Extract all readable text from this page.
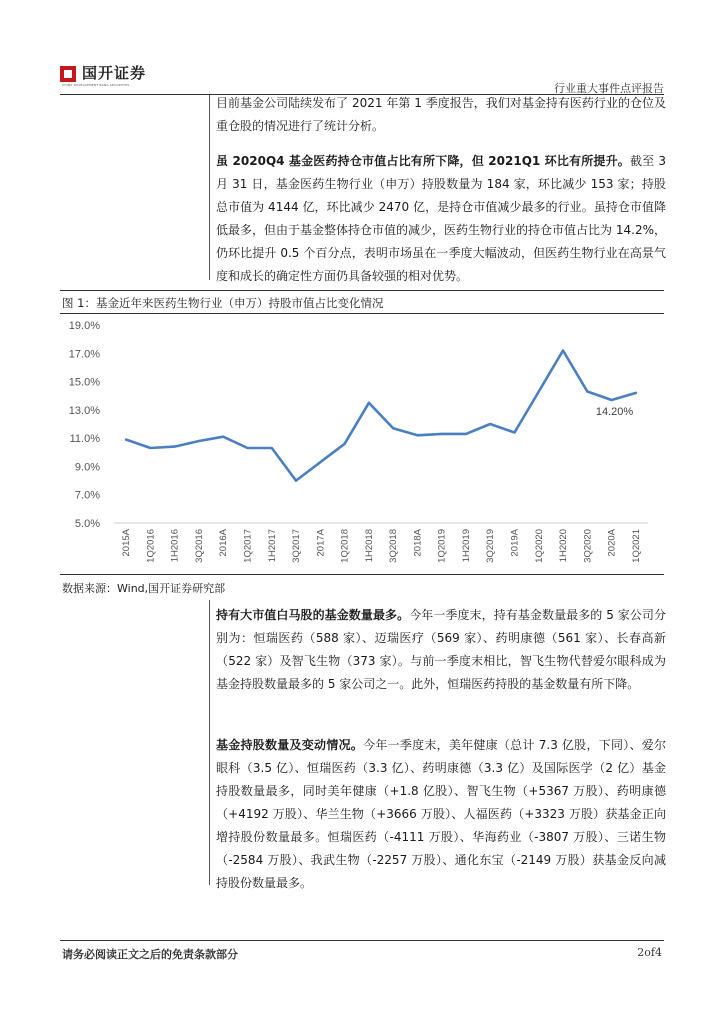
国开证券
CHINA DEVELOPMENT BANK SECURITIES	行业重大事件点评报告
目前基金公司陆续发布了 2021 年第 1 季度报告，我们对基金持有医药行业的仓位及重仓股的情况进行了统计分析。
虽 2020Q4 基金医药持仓市值占比有所下降，但 2021Q1 环比有所提升。截至 3 月 31 日，基金医药生物行业（申万）持股数量为 184 家，环比减少 153 家；持股总市值为 4144 亿，环比减少 2470 亿，是持仓市值减少最多的行业。虽持仓市值降低最多，但由于基金整体持仓市值的减少，医药生物行业的持仓市值占比为 14.2%，仍环比提升 0.5 个百分点，表明市场虽在一季度大幅波动，但医药生物行业在高景气度和成长的确定性方面仍具备较强的相对优势。
图 1：基金近年来医药生物行业（申万）持股市值占比变化情况
5.0%
7.0%
9.0%
11.0%
13.0%
15.0%
17.0%
19.0%
2015A 1Q2016 1H2016 3Q2016 2016A 1Q2017 1H2017 3Q2017 2017A 1Q2018 1H2018 3Q2018 2018A 1Q2019 1H2019 3Q2019 2019A 1Q2020 1H2020 3Q2020 2020A 1Q2021
14.20%
数据来源：Wind,国开证券研究部
持有大市值白马股的基金数量最多。今年一季度末，持有基金数量最多的 5 家公司分别为：恒瑞医药（588 家）、迈瑞医疗（569 家）、药明康德（561 家）、长春高新（522 家）及智飞生物（373 家）。与前一季度末相比，智飞生物代替爱尔眼科成为基金持股数量最多的 5 家公司之一。此外，恒瑞医药持股的基金数量有所下降。
基金持股数量及变动情况。今年一季度末，美年健康（总计 7.3 亿股，下同）、爱尔眼科（3.5 亿）、恒瑞医药（3.3 亿）、药明康德（3.3 亿）及国际医学（2 亿）基金持股数量最多，同时美年健康（+1.8 亿股）、智飞生物（+5367 万股）、药明康德（+4192 万股）、华兰生物（+3666 万股）、人福医药（+3323 万股）获基金正向增持股份数量最多。恒瑞医药（-4111 万股）、华海药业（-3807 万股）、三诺生物（-2584 万股）、我武生物（-2257 万股）、通化东宝（-2149 万股）获基金反向减持股份数量最多。
请务必阅读正文之后的免责条款部分	2of4
